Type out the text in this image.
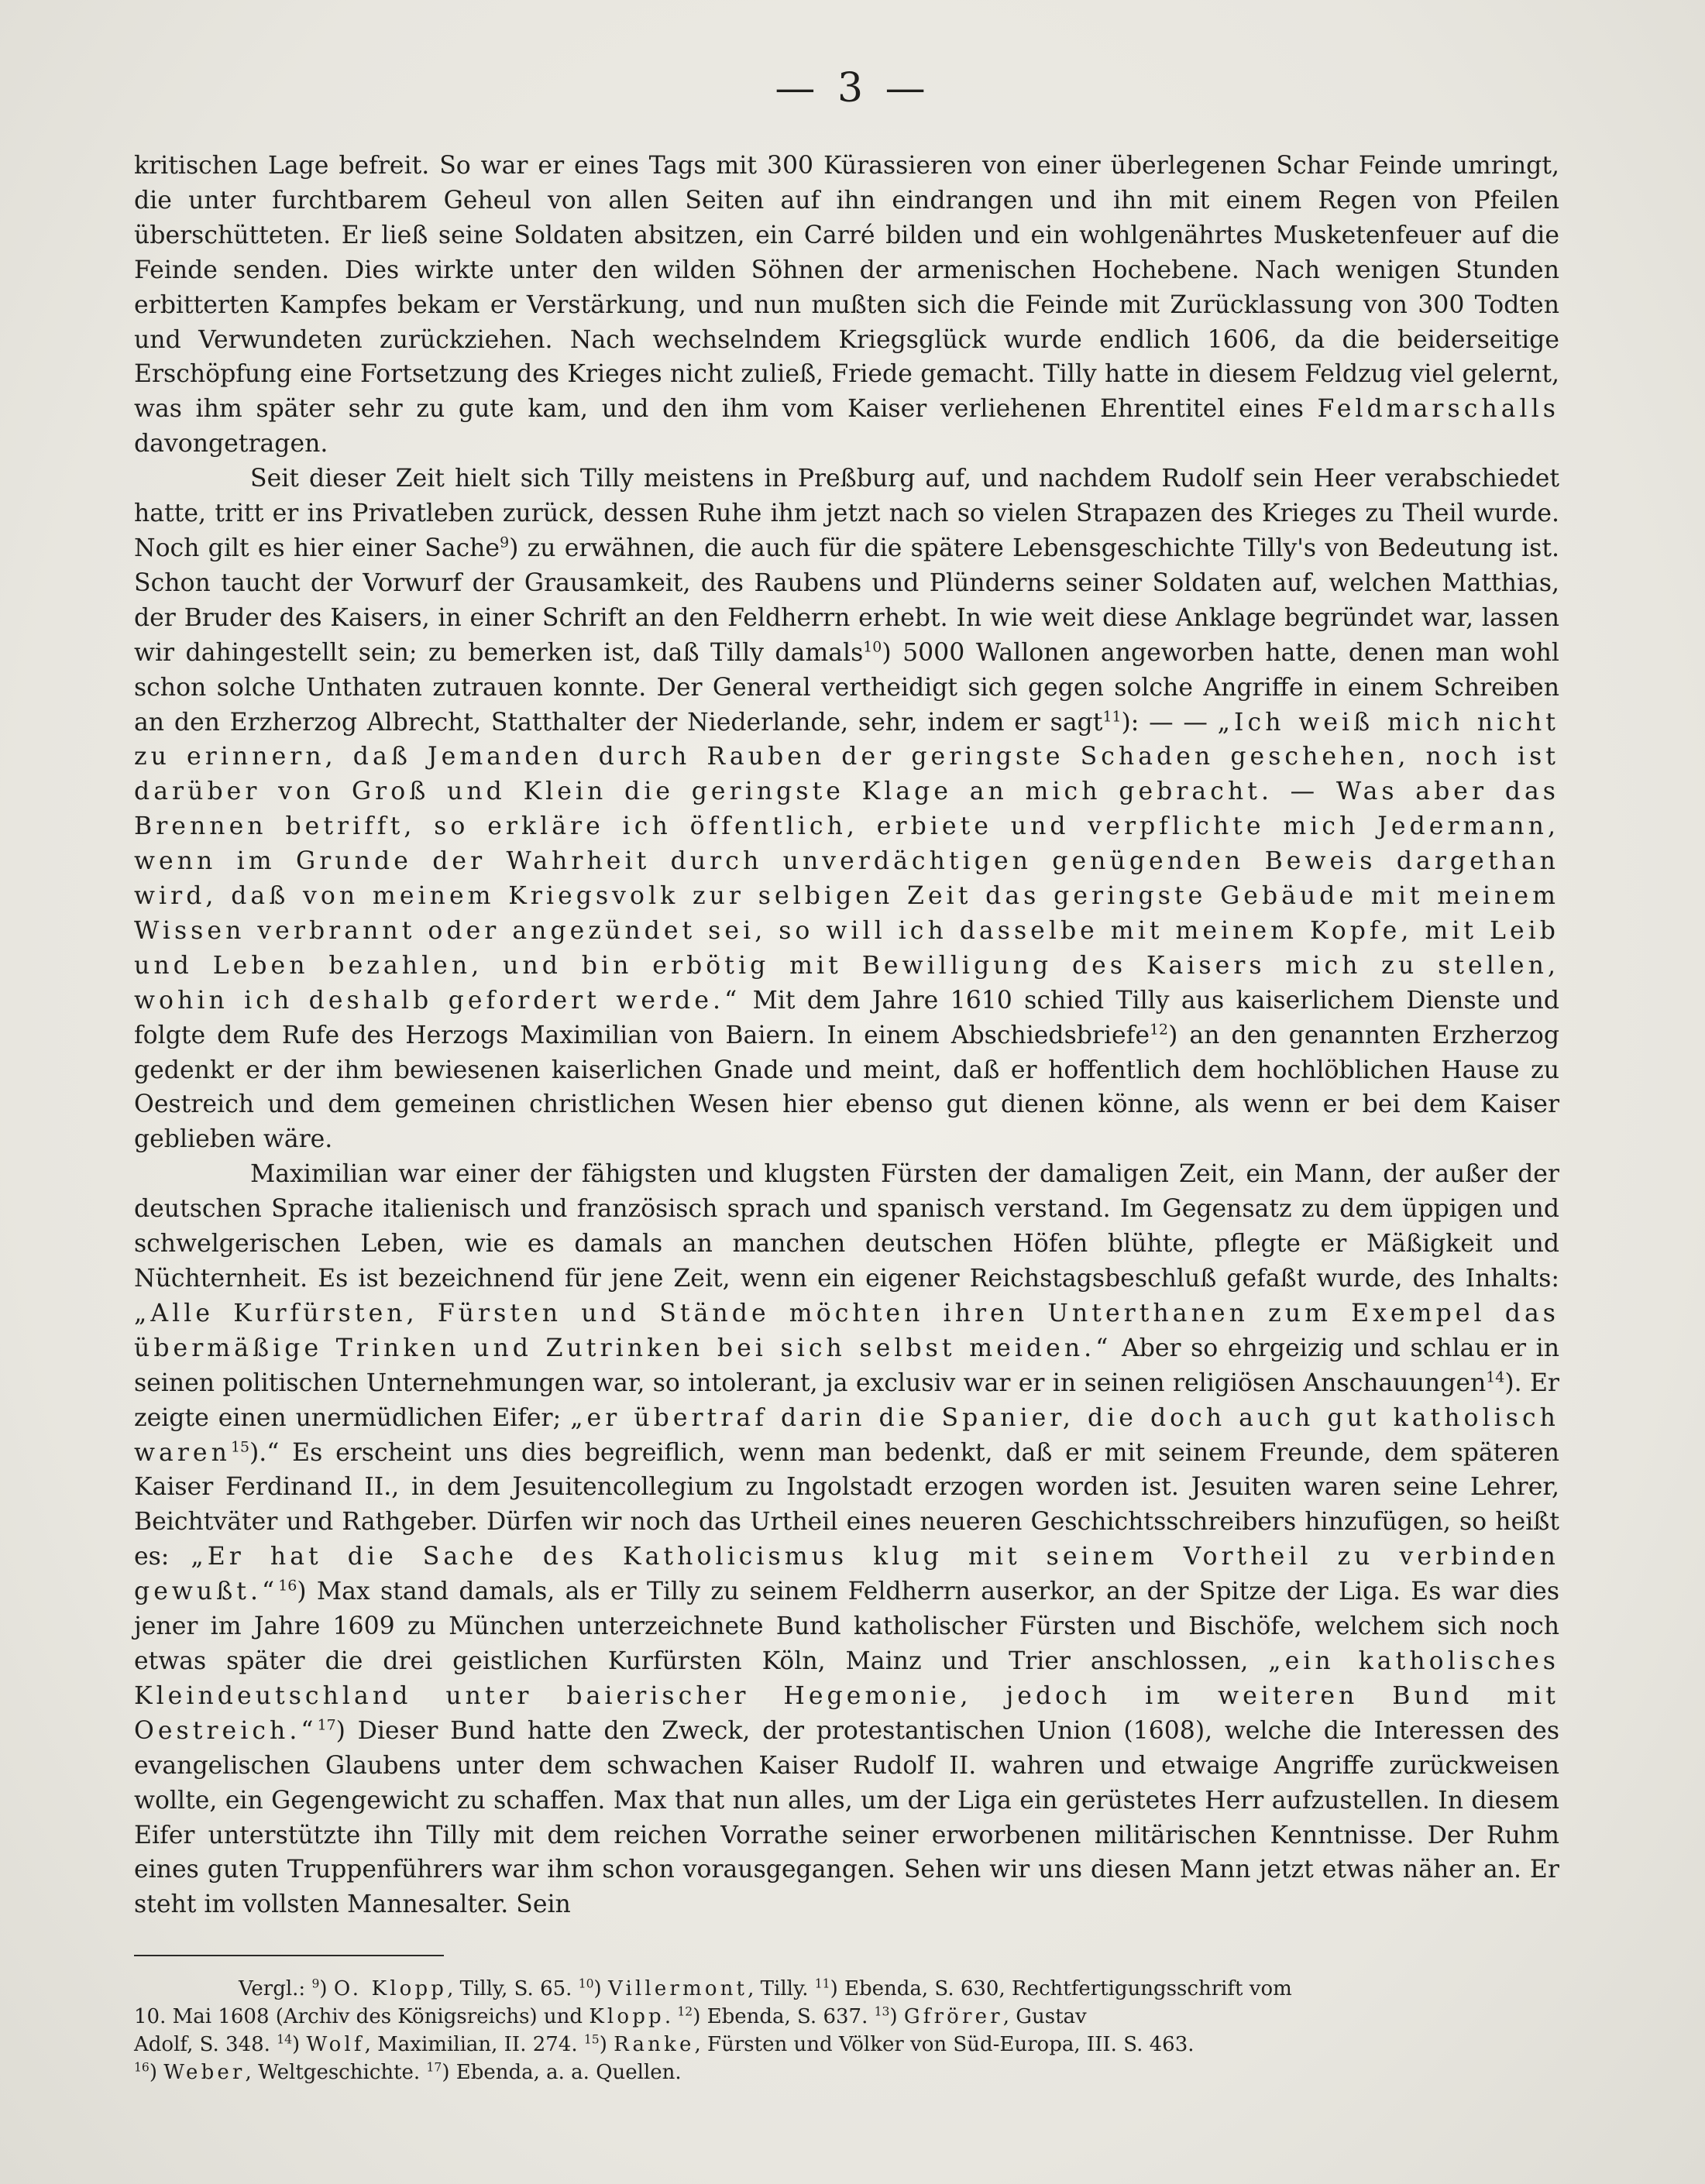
— 3 —

kritischen Lage befreit. So war er eines Tags mit 300 Kürassieren von einer überlegenen Schar Feinde umringt, die unter furchtbarem Geheul von allen Seiten auf ihn eindrangen und ihn mit einem Regen von Pfeilen überschütteten. Er ließ seine Soldaten absitzen, ein Carré bilden und ein wohlgenährtes Musketenfeuer auf die Feinde senden. Dies wirkte unter den wilden Söhnen der armenischen Hochebene. Nach wenigen Stunden erbitterten Kampfes bekam er Verstärkung, und nun mußten sich die Feinde mit Zurücklassung von 300 Todten und Verwundeten zurückziehen. Nach wechselndem Kriegsglück wurde endlich 1606, da die beiderseitige Erschöpfung eine Fortsetzung des Krieges nicht zuließ, Friede gemacht. Tilly hatte in diesem Feldzug viel gelernt, was ihm später sehr zu gute kam, und den ihm vom Kaiser verliehenen Ehrentitel eines Feldmarschalls davongetragen.

Seit dieser Zeit hielt sich Tilly meistens in Preßburg auf, und nachdem Rudolf sein Heer verabschiedet hatte, tritt er ins Privatleben zurück, dessen Ruhe ihm jetzt nach so vielen Strapazen des Krieges zu Theil wurde. Noch gilt es hier einer Sache$^9$) zu erwähnen, die auch für die spätere Lebensgeschichte Tilly's von Bedeutung ist. Schon taucht der Vorwurf der Grausamkeit, des Raubens und Plünderns seiner Soldaten auf, welchen Matthias, der Bruder des Kaisers, in einer Schrift an den Feldherrn erhebt. In wie weit diese Anklage begründet war, lassen wir dahingestellt sein; zu bemerken ist, daß Tilly damals$^{10}$) 5000 Wallonen angeworben hatte, denen man wohl schon solche Unthaten zutrauen konnte. Der General vertheidigt sich gegen solche Angriffe in einem Schreiben an den Erzherzog Albrecht, Statthalter der Niederlande, sehr, indem er sagt$^{11}$): — — „Ich weiß mich nicht zu erinnern, daß Jemanden durch Rauben der geringste Schaden geschehen, noch ist darüber von Groß und Klein die geringste Klage an mich gebracht. — Was aber das Brennen betrifft, so erkläre ich öffentlich, erbiete und verpflichte mich Jedermann, wenn im Grunde der Wahrheit durch unverdächtigen genügenden Beweis dargethan wird, daß von meinem Kriegsvolk zur selbigen Zeit das geringste Gebäude mit meinem Wissen verbrannt oder angezündet sei, so will ich dasselbe mit meinem Kopfe, mit Leib und Leben bezahlen, und bin erbötig mit Bewilligung des Kaisers mich zu stellen, wohin ich deshalb gefordert werde.“ Mit dem Jahre 1610 schied Tilly aus kaiserlichem Dienste und folgte dem Rufe des Herzogs Maximilian von Baiern. In einem Abschiedsbriefe$^{12}$) an den genannten Erzherzog gedenkt er der ihm bewiesenen kaiserlichen Gnade und meint, daß er hoffentlich dem hochlöblichen Hause zu Oestreich und dem gemeinen christlichen Wesen hier ebenso gut dienen könne, als wenn er bei dem Kaiser geblieben wäre.

Maximilian war einer der fähigsten und klugsten Fürsten der damaligen Zeit, ein Mann, der außer der deutschen Sprache italienisch und französisch sprach und spanisch verstand. Im Gegensatz zu dem üppigen und schwelgerischen Leben, wie es damals an manchen deutschen Höfen blühte, pflegte er Mäßigkeit und Nüchternheit. Es ist bezeichnend für jene Zeit, wenn ein eigener Reichstagsbeschluß gefaßt wurde, des Inhalts: „Alle Kurfürsten, Fürsten und Stände möchten ihren Unterthanen zum Exempel das übermäßige Trinken und Zutrinken bei sich selbst meiden.“ Aber so ehrgeizig und schlau er in seinen politischen Unternehmungen war, so intolerant, ja exclusiv war er in seinen religiösen Anschauungen$^{14}$). Er zeigte einen unermüdlichen Eifer; „er übertraf darin die Spanier, die doch auch gut katholisch waren$^{15}$).“ Es erscheint uns dies begreiflich, wenn man bedenkt, daß er mit seinem Freunde, dem späteren Kaiser Ferdinand II., in dem Jesuitencollegium zu Ingolstadt erzogen worden ist. Jesuiten waren seine Lehrer, Beichtväter und Rathgeber. Dürfen wir noch das Urtheil eines neueren Geschichtsschreibers hinzufügen, so heißt es: „Er hat die Sache des Katholicismus klug mit seinem Vortheil zu verbinden gewußt.“$^{16}$) Max stand damals, als er Tilly zu seinem Feldherrn auserkor, an der Spitze der Liga. Es war dies jener im Jahre 1609 zu München unterzeichnete Bund katholischer Fürsten und Bischöfe, welchem sich noch etwas später die drei geistlichen Kurfürsten Köln, Mainz und Trier anschlossen, „ein katholisches Kleindeutschland unter baierischer Hegemonie, jedoch im weiteren Bund mit Oestreich.“$^{17}$) Dieser Bund hatte den Zweck, der protestantischen Union (1608), welche die Interessen des evangelischen Glaubens unter dem schwachen Kaiser Rudolf II. wahren und etwaige Angriffe zurückweisen wollte, ein Gegengewicht zu schaffen. Max that nun alles, um der Liga ein gerüstetes Herr aufzustellen. In diesem Eifer unterstützte ihn Tilly mit dem reichen Vorrathe seiner erworbenen militärischen Kenntnisse. Der Ruhm eines guten Truppenführers war ihm schon vorausgegangen. Sehen wir uns diesen Mann jetzt etwas näher an. Er steht im vollsten Mannesalter. Sein

Vergl.: $^9$) O. Klopp, Tilly, S. 65. $^{10}$) Villermont, Tilly. $^{11}$) Ebenda, S. 630, Rechtfertigungsschrift vom
10. Mai 1608 (Archiv des Königsreichs) und Klopp. $^{12}$) Ebenda, S. 637. $^{13}$) Gfrörer, Gustav
Adolf, S. 348. $^{14}$) Wolf, Maximilian, II. 274. $^{15}$) Ranke, Fürsten und Völker von Süd-Europa, III. S. 463.
$^{16}$) Weber, Weltgeschichte. $^{17}$) Ebenda, a. a. Quellen.
